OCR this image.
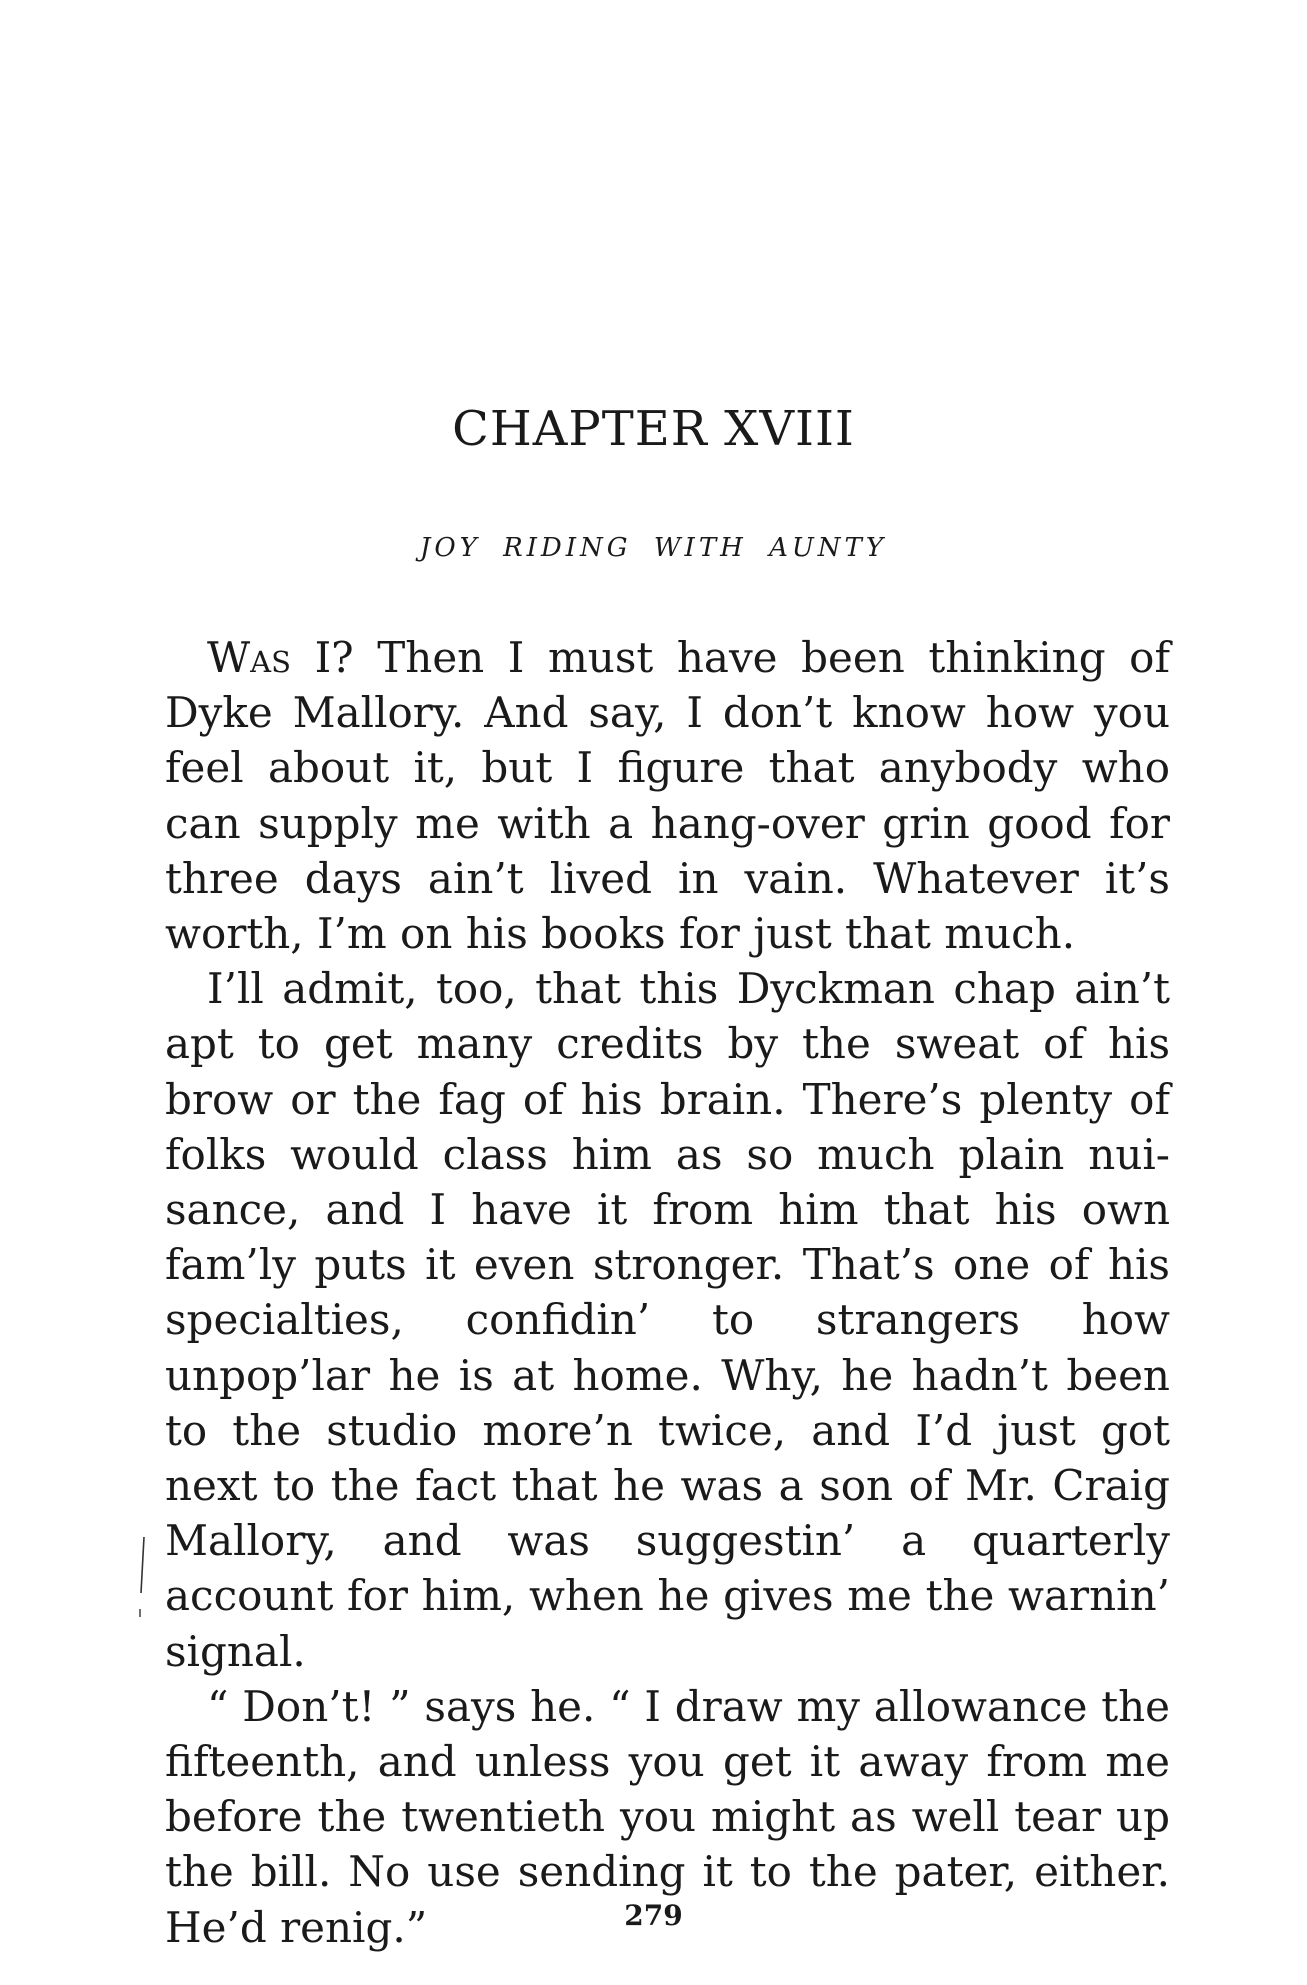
CHAPTER XVIII
JOY RIDING WITH AUNTY

Was I? Then I must have been thinking of Dyke Mallory. And say, I don’t know how you feel about it, but I figure that anybody who can supply me with a hang-over grin good for three days ain’t lived in vain. Whatever it’s worth, I’m on his books for just that much.

I’ll admit, too, that this Dyckman chap ain’t apt to get many credits by the sweat of his brow or the fag of his brain. There’s plenty of folks would class him as so much plain nuisance, and I have it from him that his own fam’ly puts it even stronger. That’s one of his specialties, confidin’ to strangers how unpop’lar he is at home. Why, he hadn’t been to the studio more’n twice, and I’d just got next to the fact that he was a son of Mr. Craig Mallory, and was suggestin’ a quarterly account for him, when he gives me the warnin’ signal.

“ Don’t! ” says he. “ I draw my allowance the fifteenth, and unless you get it away from me before the twentieth you might as well tear up the bill. No use sending it to the pater, either. He’d renig.”	279
